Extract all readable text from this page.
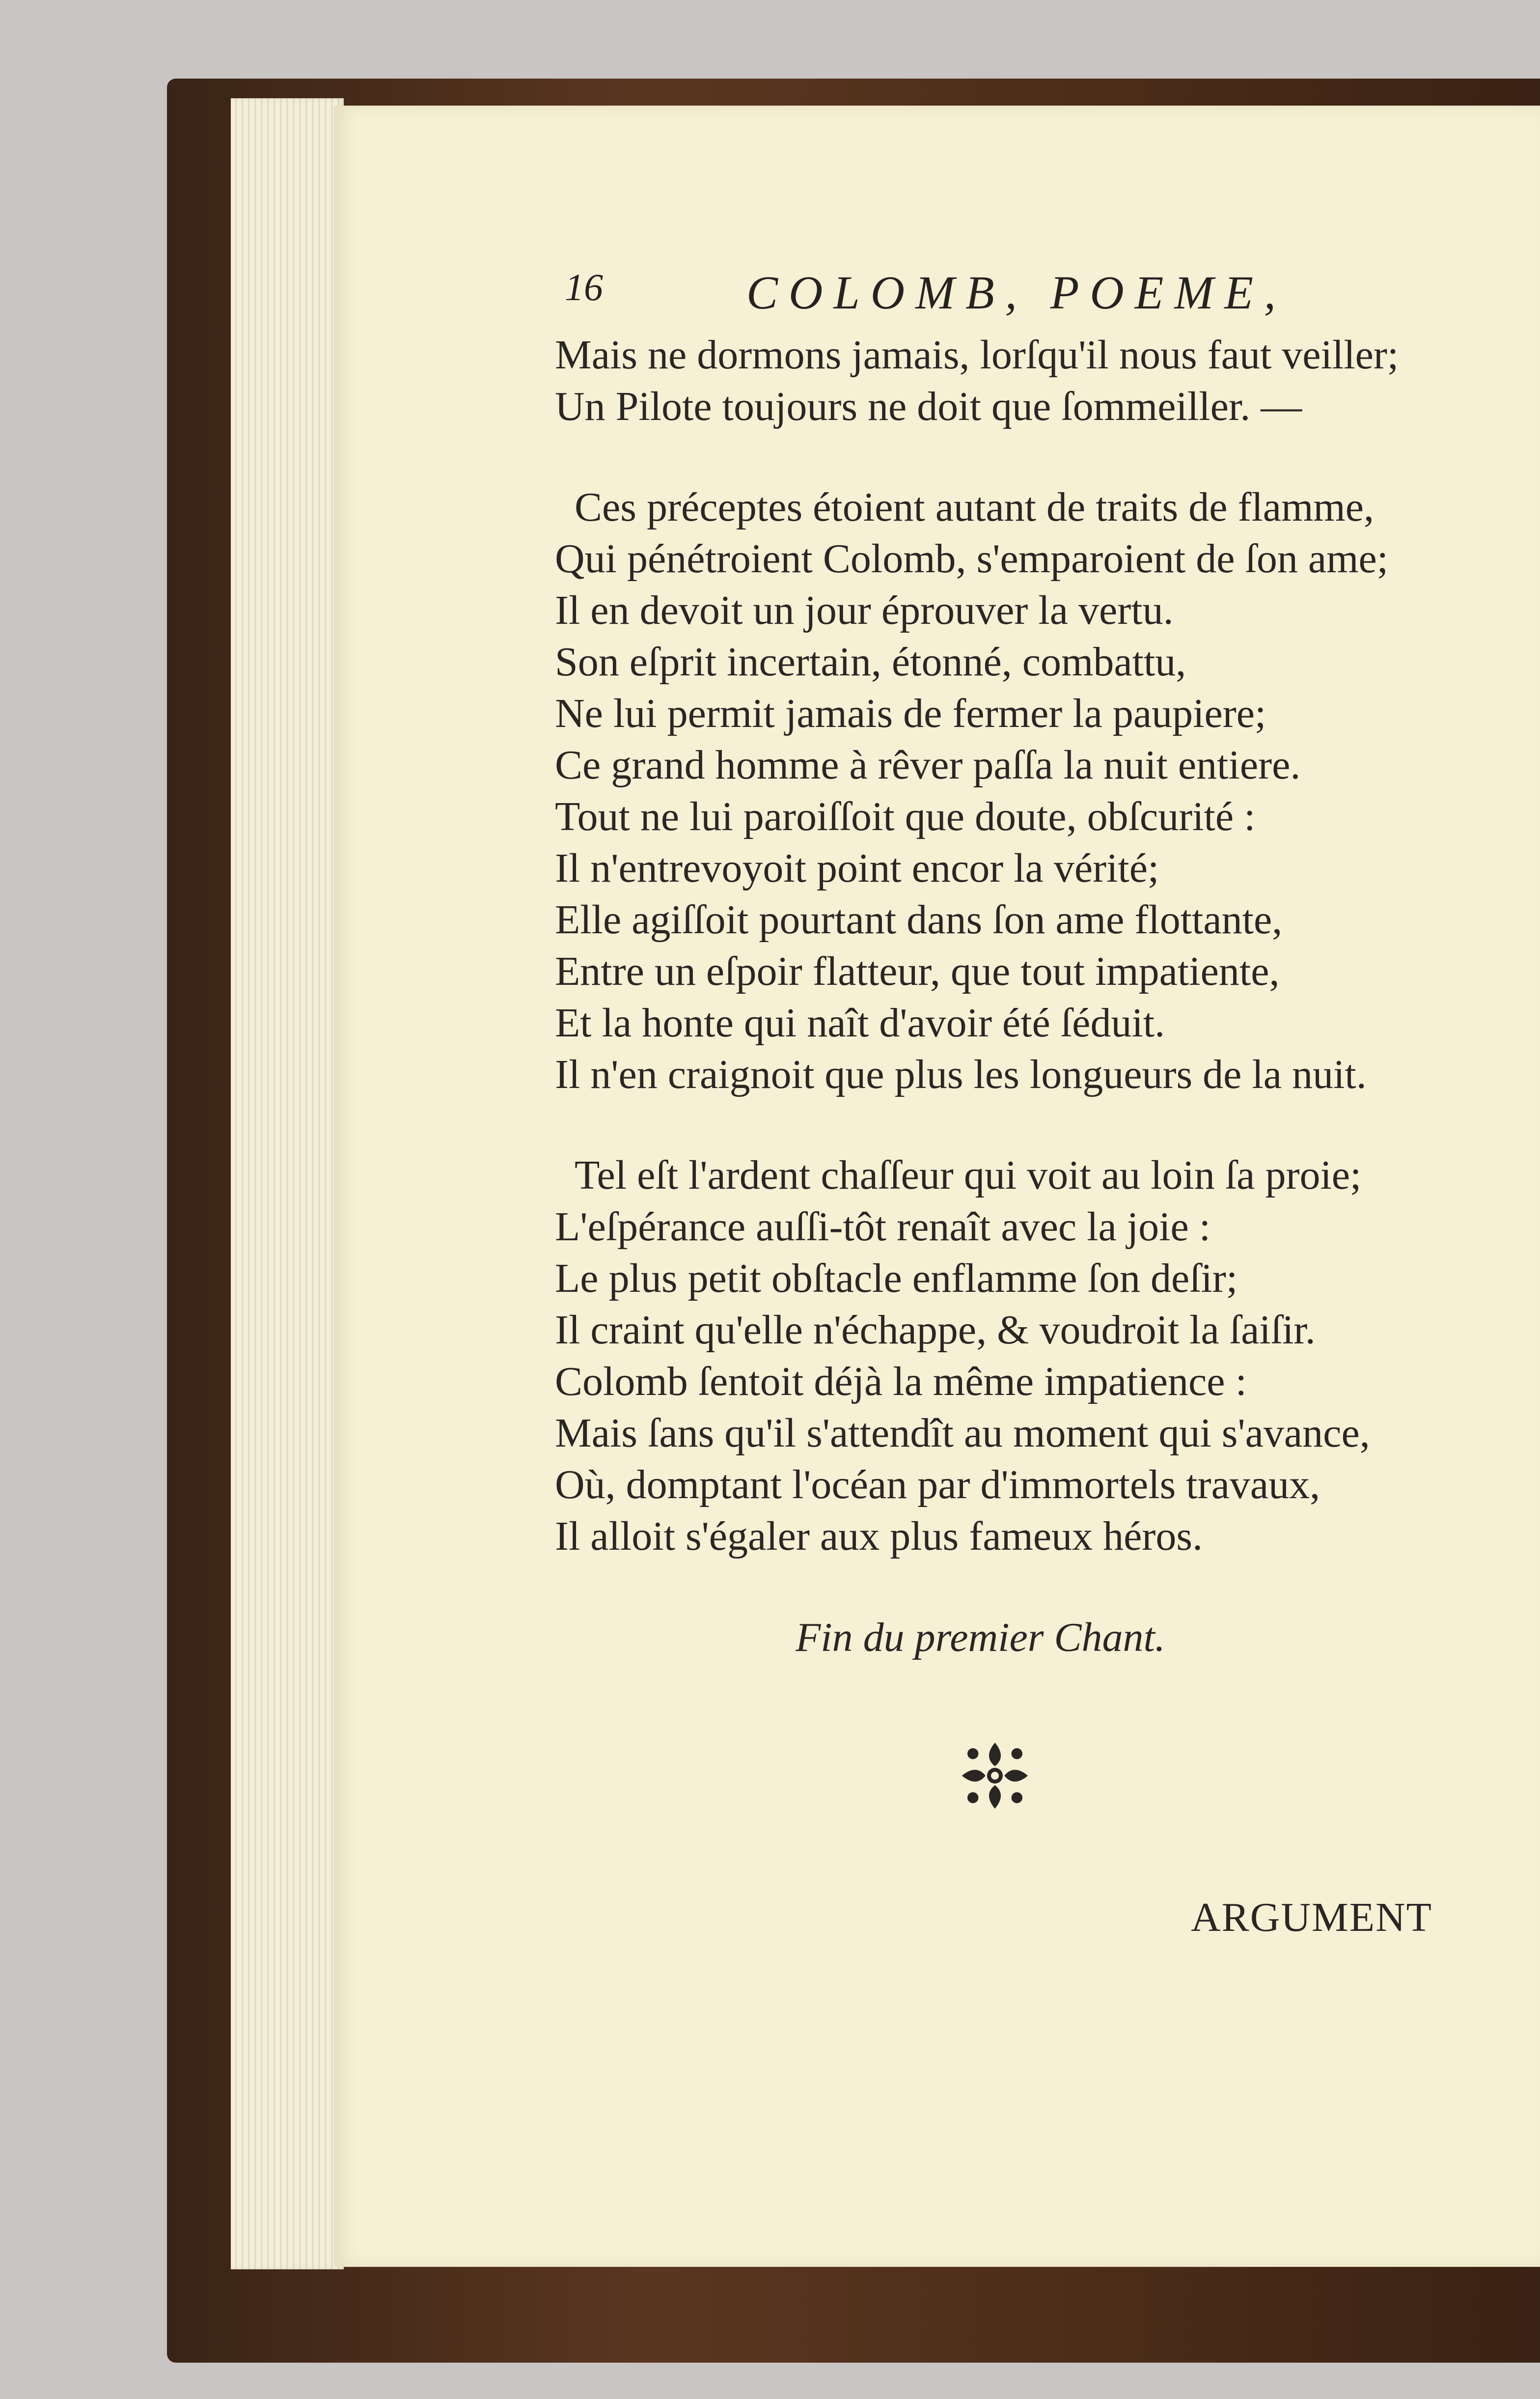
16	COLOMB, POEME,
Mais ne dormons jamais, lorſqu'il nous faut veiller;
Un Pilote toujours ne doit que ſommeiller. —
Ces préceptes étoient autant de traits de flamme,
Qui pénétroient Colomb, s'emparoient de ſon ame;
Il en devoit un jour éprouver la vertu.
Son eſprit incertain, étonné, combattu,
Ne lui permit jamais de fermer la paupiere;
Ce grand homme à rêver paſſa la nuit entiere.
Tout ne lui paroiſſoit que doute, obſcurité :
Il n'entrevoyoit point encor la vérité;
Elle agiſſoit pourtant dans ſon ame flottante,
Entre un eſpoir flatteur, que tout impatiente,
Et la honte qui naît d'avoir été ſéduit.
Il n'en craignoit que plus les longueurs de la nuit.
Tel eſt l'ardent chaſſeur qui voit au loin ſa proie;
L'eſpérance auſſi-tôt renaît avec la joie :
Le plus petit obſtacle enflamme ſon deſir;
Il craint qu'elle n'échappe, & voudroit la ſaiſir.
Colomb ſentoit déjà la même impatience :
Mais ſans qu'il s'attendît au moment qui s'avance,
Où, domptant l'océan par d'immortels travaux,
Il alloit s'égaler aux plus fameux héros.
Fin du premier Chant.
ARGUMENT
